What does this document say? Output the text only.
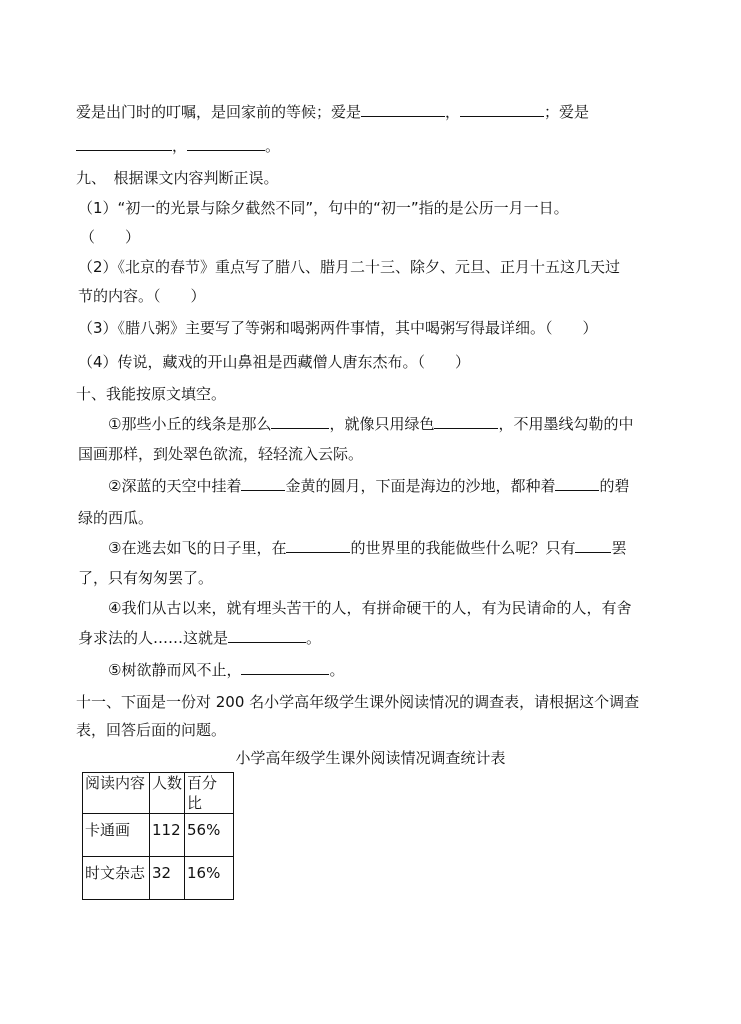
爱是出门时的叮嘱，是回家前的等候；爱是	，	；爱是
，	。
九、　根据课文内容判断正误。
（1）“初一的光景与除夕截然不同”，句中的“初一”指的是公历一月一日。
（　　）
（2）《北京的春节》重点写了腊八、腊月二十三、除夕、元旦、正月十五这几天过
节的内容。（　　）
（3）《腊八粥》主要写了等粥和喝粥两件事情，其中喝粥写得最详细。（　　）
（4）传说，藏戏的开山鼻祖是西藏僧人唐东杰布。（　　）
十、我能按原文填空。
①那些小丘的线条是那么	，就像只用绿色	，不用墨线勾勒的中
国画那样，到处翠色欲流，轻轻流入云际。
②深蓝的天空中挂着	金黄的圆月，下面是海边的沙地，都种着	的碧
绿的西瓜。
③在逃去如飞的日子里，在	的世界里的我能做些什么呢？只有 罢
了，只有匆匆罢了。
④我们从古以来，就有埋头苦干的人，有拼命硬干的人，有为民请命的人，有舍
身求法的人……这就是	。
⑤树欲静而风不止，	。
十一、下面是一份对 200 名小学高年级学生课外阅读情况的调查表，请根据这个调查
表，回答后面的问题。
小学高年级学生课外阅读情况调查统计表
阅读内容	人数	百分比
卡通画	112	56%
时文杂志	32	16%
